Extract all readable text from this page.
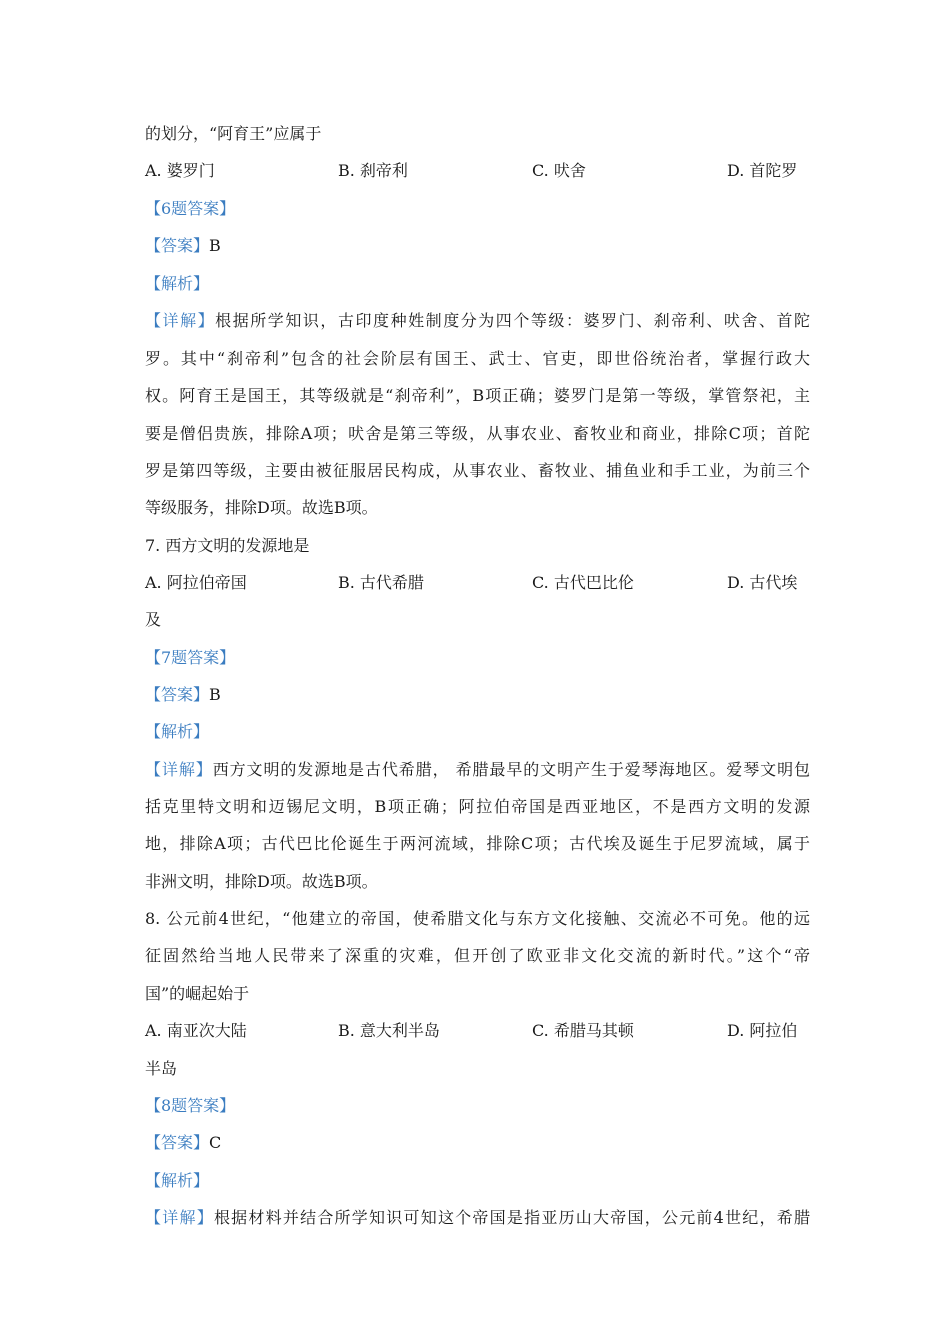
的划分，“阿育王”应属于
A. 婆罗门	B. 刹帝利	C. 吠舍	D. 首陀罗
【6题答案】
【答案】B
【解析】
【详解】根据所学知识，古印度种姓制度分为四个等级：婆罗门、刹帝利、吠舍、首陀
罗。其中“刹帝利”包含的社会阶层有国王、武士、官吏，即世俗统治者，掌握行政大
权。阿育王是国王，其等级就是“刹帝利”，B项正确；婆罗门是第一等级，掌管祭祀，主
要是僧侣贵族，排除A项；吠舍是第三等级，从事农业、畜牧业和商业，排除C项；首陀
罗是第四等级，主要由被征服居民构成，从事农业、畜牧业、捕鱼业和手工业，为前三个
等级服务，排除D项。故选B项。
7. 西方文明的发源地是
A. 阿拉伯帝国	B. 古代希腊	C. 古代巴比伦	D. 古代埃
及
【7题答案】
【答案】B
【解析】
【详解】西方文明的发源地是古代希腊， 希腊最早的文明产生于爱琴海地区。爱琴文明包
括克里特文明和迈锡尼文明，B项正确；阿拉伯帝国是西亚地区，不是西方文明的发源
地，排除A项；古代巴比伦诞生于两河流域，排除C项；古代埃及诞生于尼罗流域，属于
非洲文明，排除D项。故选B项。
8. 公元前4世纪，“他建立的帝国，使希腊文化与东方文化接触、交流必不可免。他的远
征固然给当地人民带来了深重的灾难，但开创了欧亚非文化交流的新时代。”这个“帝
国”的崛起始于
A. 南亚次大陆	B. 意大利半岛	C. 希腊马其顿	D. 阿拉伯
半岛
【8题答案】
【答案】C
【解析】
【详解】根据材料并结合所学知识可知这个帝国是指亚历山大帝国，公元前4世纪，希腊
